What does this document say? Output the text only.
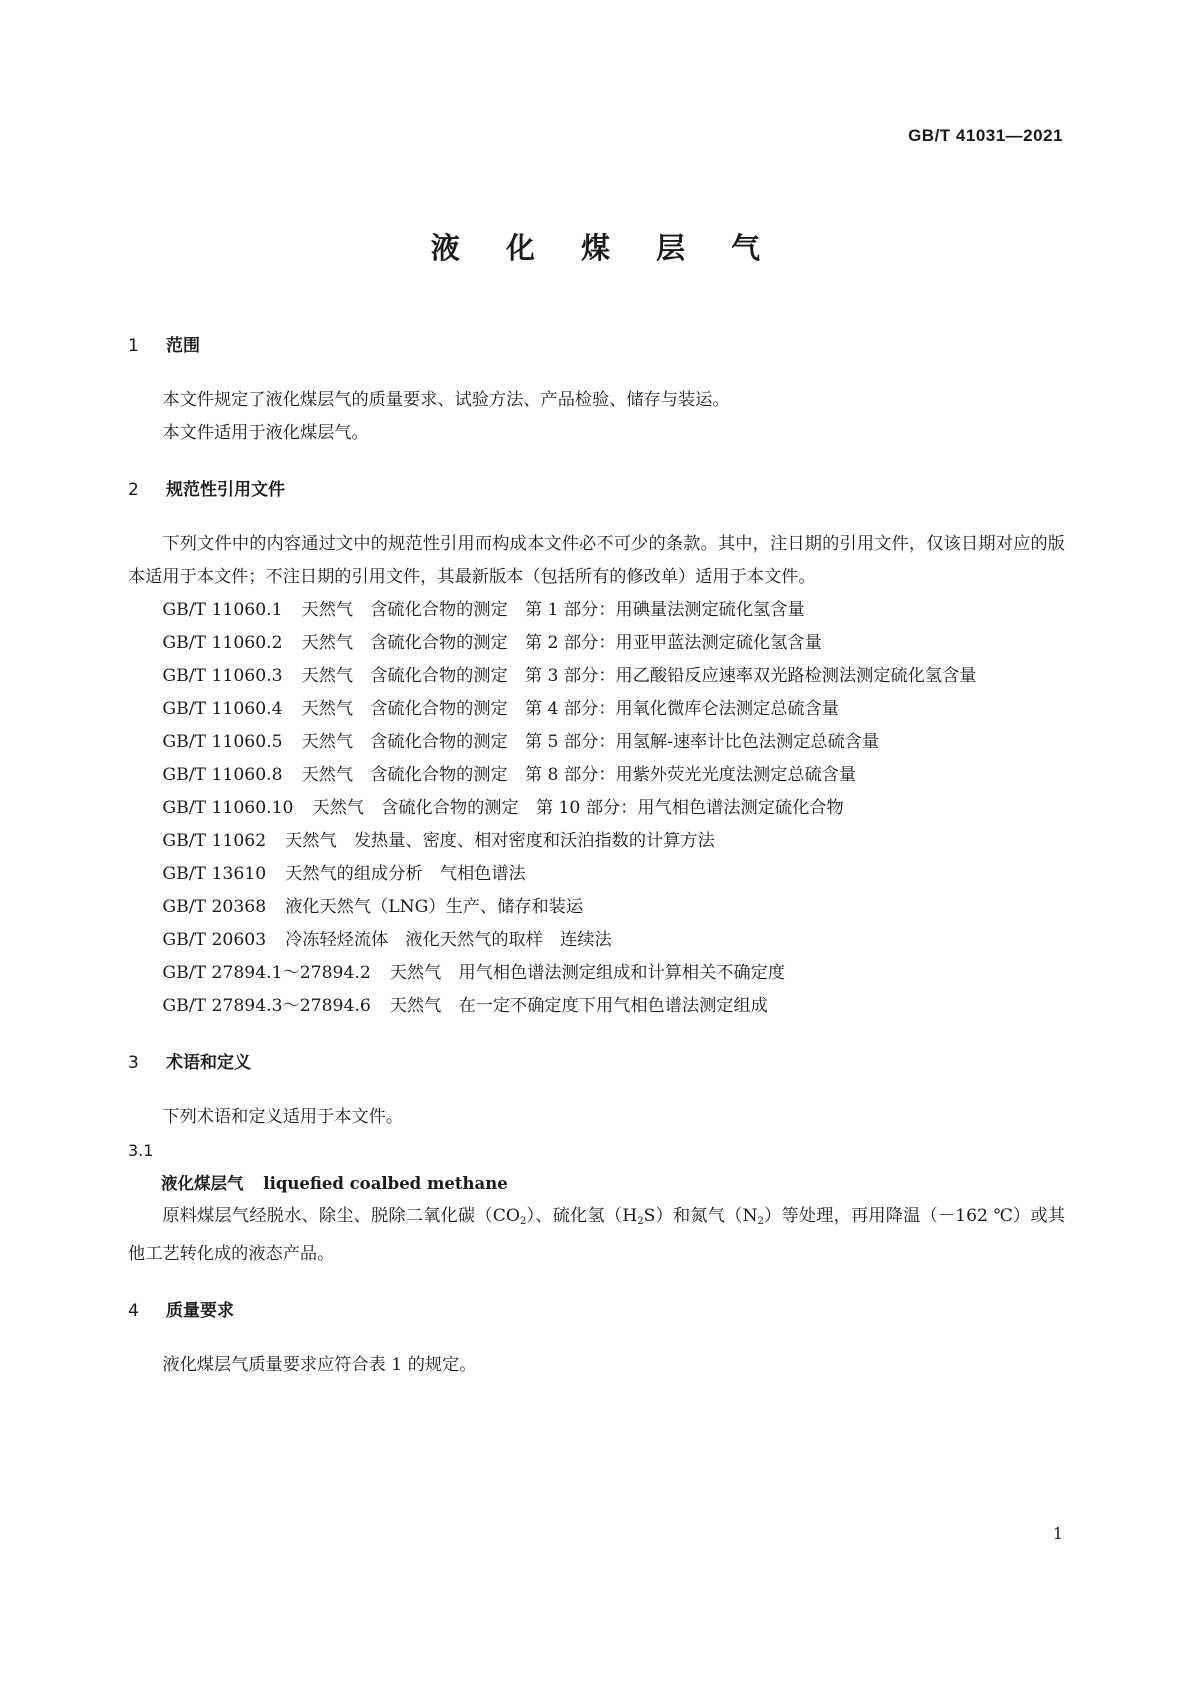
GB/T 41031—2021
液 化 煤 层 气
1 范围
本文件规定了液化煤层气的质量要求、试验方法、产品检验、储存与装运。
本文件适用于液化煤层气。
2 规范性引用文件
下列文件中的内容通过文中的规范性引用而构成本文件必不可少的条款。其中，注日期的引用文件，仅该日期对应的版本适用于本文件；不注日期的引用文件，其最新版本（包括所有的修改单）适用于本文件。
GB/T 11060.1 天然气　含硫化合物的测定　第 1 部分：用碘量法测定硫化氢含量
GB/T 11060.2 天然气　含硫化合物的测定　第 2 部分：用亚甲蓝法测定硫化氢含量
GB/T 11060.3 天然气　含硫化合物的测定　第 3 部分：用乙酸铅反应速率双光路检测法测定硫化氢含量
GB/T 11060.4 天然气　含硫化合物的测定　第 4 部分：用氧化微库仑法测定总硫含量
GB/T 11060.5 天然气　含硫化合物的测定　第 5 部分：用氢解-速率计比色法测定总硫含量
GB/T 11060.8 天然气　含硫化合物的测定　第 8 部分：用紫外荧光光度法测定总硫含量
GB/T 11060.10 天然气　含硫化合物的测定　第 10 部分：用气相色谱法测定硫化合物
GB/T 11062 天然气　发热量、密度、相对密度和沃泊指数的计算方法
GB/T 13610 天然气的组成分析　气相色谱法
GB/T 20368 液化天然气（LNG）生产、储存和装运
GB/T 20603 冷冻轻烃流体　液化天然气的取样　连续法
GB/T 27894.1～27894.2 天然气　用气相色谱法测定组成和计算相关不确定度
GB/T 27894.3～27894.6 天然气　在一定不确定度下用气相色谱法测定组成
3 术语和定义
下列术语和定义适用于本文件。
3.1
液化煤层气 liquefied coalbed methane
原料煤层气经脱水、除尘、脱除二氧化碳$(CO_2)$、硫化氢$(H_2S)$和氮气$(N_2)$等处理，再用降温（－162 ℃）或其他工艺转化成的液态产品。
4 质量要求
液化煤层气质量要求应符合表 1 的规定。
1
